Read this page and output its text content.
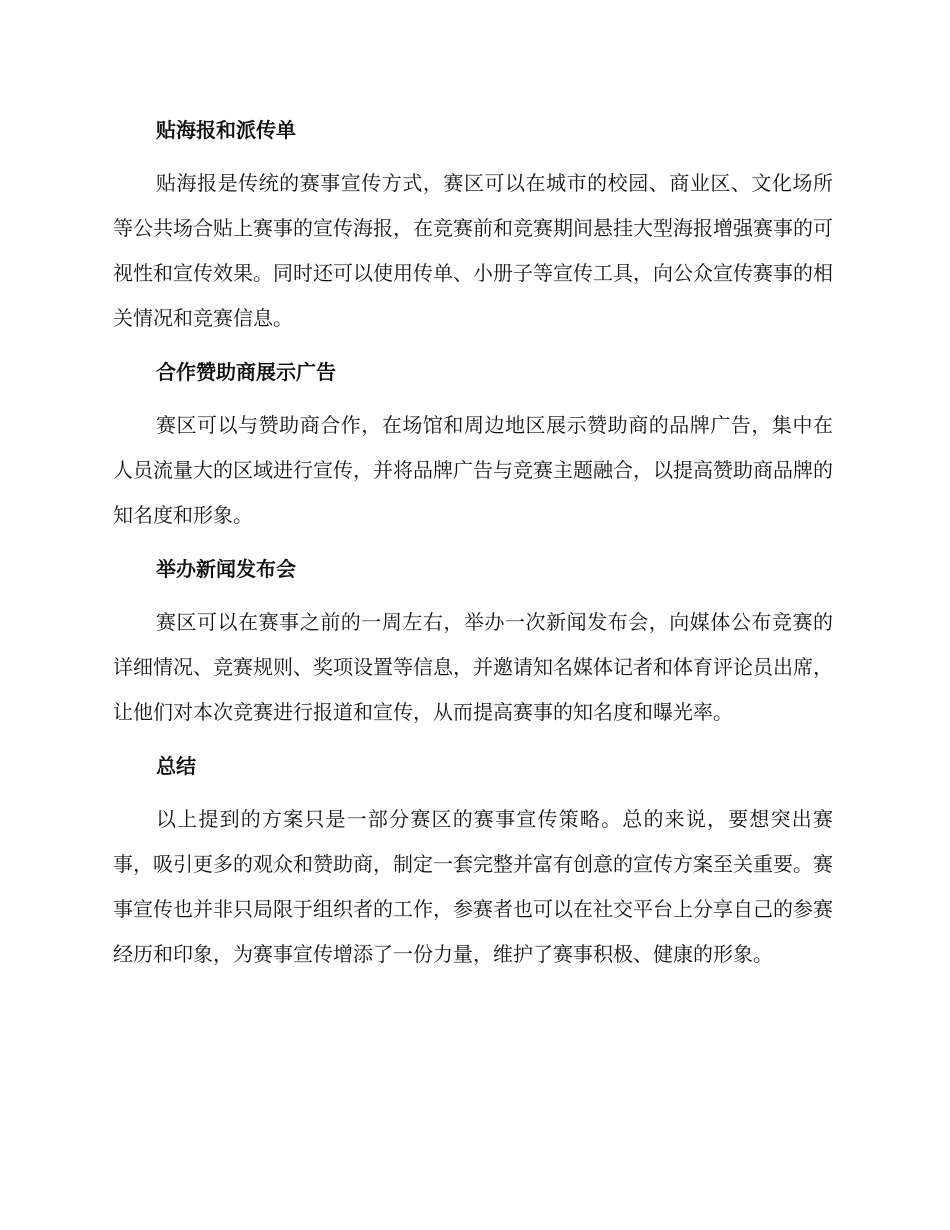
贴海报和派传单

贴海报是传统的赛事宣传方式，赛区可以在城市的校园、商业区、文化场所等公共场合贴上赛事的宣传海报，在竞赛前和竞赛期间悬挂大型海报增强赛事的可视性和宣传效果。同时还可以使用传单、小册子等宣传工具，向公众宣传赛事的相关情况和竞赛信息。

合作赞助商展示广告

赛区可以与赞助商合作，在场馆和周边地区展示赞助商的品牌广告，集中在人员流量大的区域进行宣传，并将品牌广告与竞赛主题融合，以提高赞助商品牌的知名度和形象。

举办新闻发布会

赛区可以在赛事之前的一周左右，举办一次新闻发布会，向媒体公布竞赛的详细情况、竞赛规则、奖项设置等信息，并邀请知名媒体记者和体育评论员出席，让他们对本次竞赛进行报道和宣传，从而提高赛事的知名度和曝光率。

总结

以上提到的方案只是一部分赛区的赛事宣传策略。总的来说，要想突出赛事，吸引更多的观众和赞助商，制定一套完整并富有创意的宣传方案至关重要。赛事宣传也并非只局限于组织者的工作，参赛者也可以在社交平台上分享自己的参赛经历和印象，为赛事宣传增添了一份力量，维护了赛事积极、健康的形象。
